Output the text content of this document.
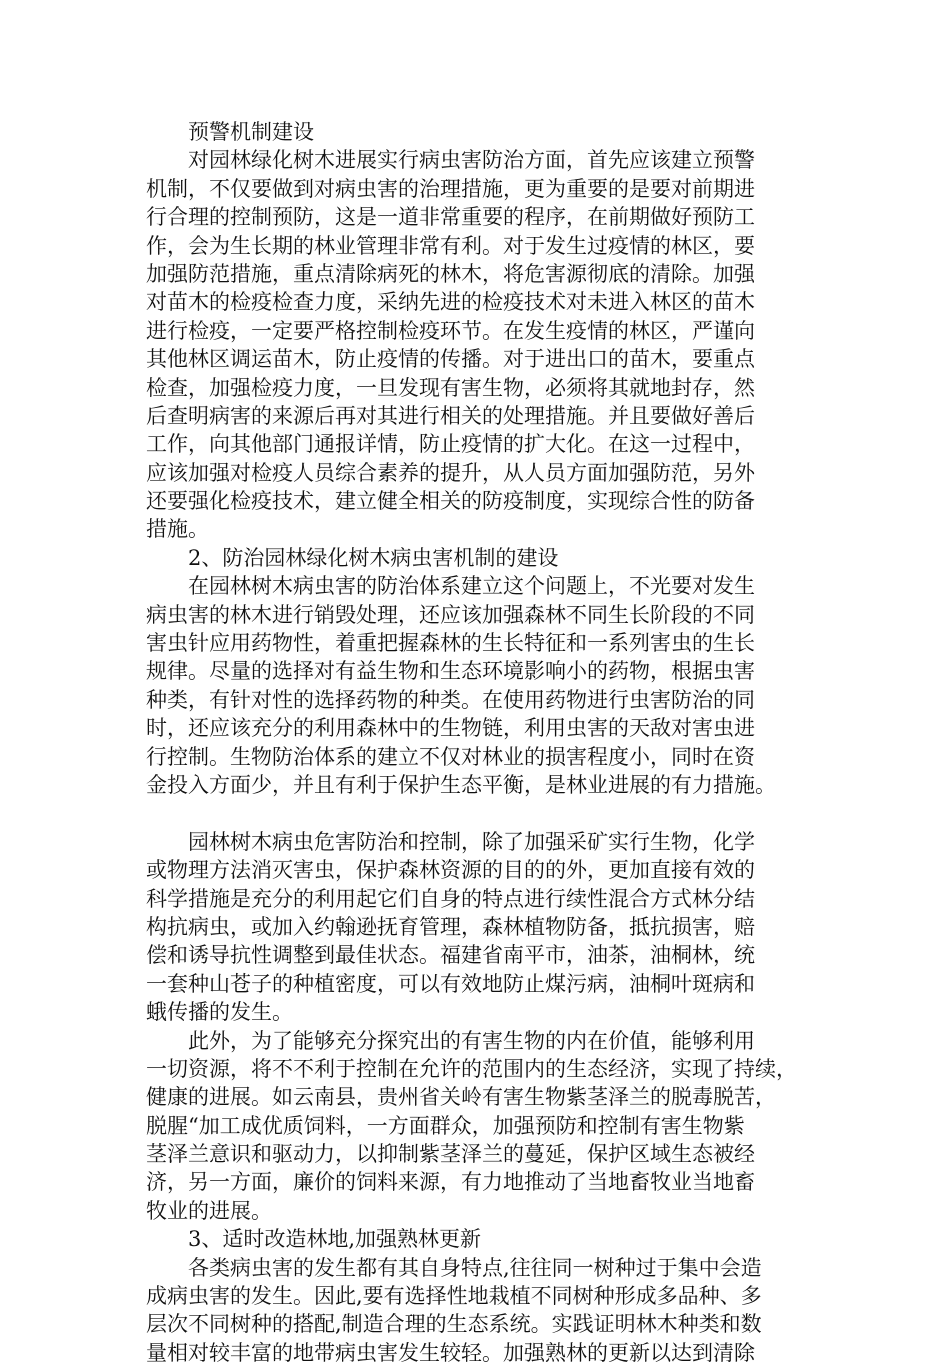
预警机制建设
对园林绿化树木进展实行病虫害防治方面，首先应该建立预警
机制，不仅要做到对病虫害的治理措施，更为重要的是要对前期进
行合理的控制预防，这是一道非常重要的程序，在前期做好预防工
作，会为生长期的林业管理非常有利。对于发生过疫情的林区，要
加强防范措施，重点清除病死的林木，将危害源彻底的清除。加强
对苗木的检疫检查力度，采纳先进的检疫技术对未进入林区的苗木
进行检疫，一定要严格控制检疫环节。在发生疫情的林区，严谨向
其他林区调运苗木，防止疫情的传播。对于进出口的苗木，要重点
检查，加强检疫力度，一旦发现有害生物，必须将其就地封存，然
后查明病害的来源后再对其进行相关的处理措施。并且要做好善后
工作，向其他部门通报详情，防止疫情的扩大化。在这一过程中，
应该加强对检疫人员综合素养的提升，从人员方面加强防范，另外
还要强化检疫技术，建立健全相关的防疫制度，实现综合性的防备
措施。
2、防治园林绿化树木病虫害机制的建设
在园林树木病虫害的防治体系建立这个问题上，不光要对发生
病虫害的林木进行销毁处理，还应该加强森林不同生长阶段的不同
害虫针应用药物性，着重把握森林的生长特征和一系列害虫的生长
规律。尽量的选择对有益生物和生态环境影响小的药物，根据虫害
种类，有针对性的选择药物的种类。在使用药物进行虫害防治的同
时，还应该充分的利用森林中的生物链，利用虫害的天敌对害虫进
行控制。生物防治体系的建立不仅对林业的损害程度小，同时在资
金投入方面少，并且有利于保护生态平衡，是林业进展的有力措施。
园林树木病虫危害防治和控制，除了加强采矿实行生物，化学
或物理方法消灭害虫，保护森林资源的目的的外，更加直接有效的
科学措施是充分的利用起它们自身的特点进行续性混合方式林分结
构抗病虫，或加入约翰逊抚育管理，森林植物防备，抵抗损害，赔
偿和诱导抗性调整到最佳状态。福建省南平市，油茶，油桐林，统
一套种山苍子的种植密度，可以有效地防止煤污病，油桐叶斑病和
蛾传播的发生。
此外，为了能够充分探究出的有害生物的内在价值，能够利用
一切资源，将不不利于控制在允许的范围内的生态经济，实现了持续，
健康的进展。如云南县，贵州省关岭有害生物紫茎泽兰的脱毒脱苦，
脱腥“加工成优质饲料，一方面群众，加强预防和控制有害生物紫
茎泽兰意识和驱动力，以抑制紫茎泽兰的蔓延，保护区域生态被经
济，另一方面，廉价的饲料来源，有力地推动了当地畜牧业当地畜
牧业的进展。
3、适时改造林地,加强熟林更新
各类病虫害的发生都有其自身特点,往往同一树种过于集中会造
成病虫害的发生。因此,要有选择性地栽植不同树种形成多品种、多
层次不同树种的搭配,制造合理的生态系统。实践证明林木种类和数
量相对较丰富的地带病虫害发生较轻。加强熟林的更新以达到清除
